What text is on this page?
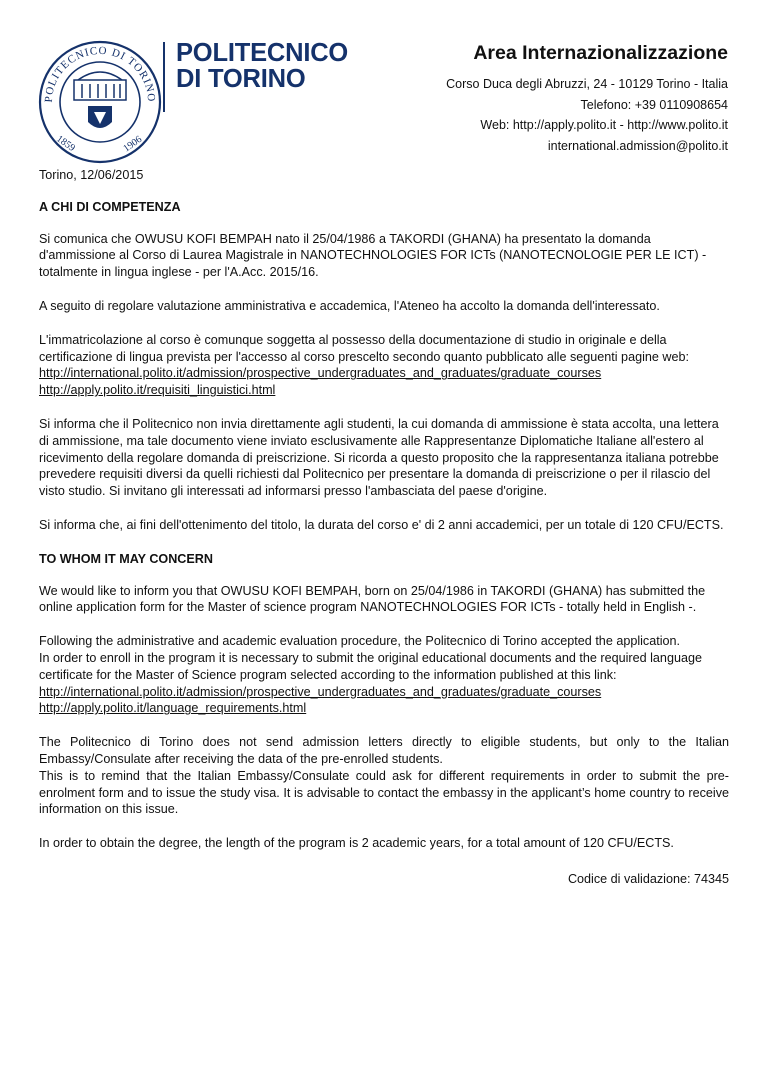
POLITECNICO DI TORINO
1859	1906
POLITECNICO
DI TORINO
Area Internazionalizzazione
Corso Duca degli Abruzzi, 24 - 10129 Torino - Italia
Telefono: +39 0110908654
Web: http://apply.polito.it - http://www.polito.it
international.admission@polito.it

Torino, 12/06/2015

A CHI DI COMPETENZA

Si comunica che OWUSU KOFI BEMPAH nato il 25/04/1986 a TAKORDI (GHANA) ha presentato la domanda d'ammissione al Corso di Laurea Magistrale in NANOTECHNOLOGIES FOR ICTs (NANOTECNOLOGIE PER LE ICT) - totalmente in lingua inglese - per l'A.Acc. 2015/16.

A seguito di regolare valutazione amministrativa e accademica, l'Ateneo ha accolto la domanda dell'interessato.

L'immatricolazione al corso è comunque soggetta al possesso della documentazione di studio in originale e della certificazione di lingua prevista per l'accesso al corso prescelto secondo quanto pubblicato alle seguenti pagine web:

http://international.polito.it/admission/prospective_undergraduates_and_graduates/graduate_courses
http://apply.polito.it/requisiti_linguistici.html

Si informa che il Politecnico non invia direttamente agli studenti, la cui domanda di ammissione è stata accolta, una lettera di ammissione, ma tale documento viene inviato esclusivamente alle Rappresentanze Diplomatiche Italiane all'estero al ricevimento della regolare domanda di preiscrizione. Si ricorda a questo proposito che la rappresentanza italiana potrebbe prevedere requisiti diversi da quelli richiesti dal Politecnico per presentare la domanda di preiscrizione o per il rilascio del visto studio. Si invitano gli interessati ad informarsi presso l'ambasciata del paese d'origine.

Si informa che, ai fini dell'ottenimento del titolo, la durata del corso e' di 2 anni accademici, per un totale di 120 CFU/ECTS.

TO WHOM IT MAY CONCERN

We would like to inform you that OWUSU KOFI BEMPAH, born on 25/04/1986 in TAKORDI (GHANA) has submitted the online application form for the Master of science program NANOTECHNOLOGIES FOR ICTs - totally held in English -.

Following the administrative and academic evaluation procedure, the Politecnico di Torino accepted the application.

In order to enroll in the program it is necessary to submit the original educational documents and the required language certificate for the Master of Science program selected according to the information published at this link:

http://international.polito.it/admission/prospective_undergraduates_and_graduates/graduate_courses
http://apply.polito.it/language_requirements.html

The Politecnico di Torino does not send admission letters directly to eligible students, but only to the Italian Embassy/Consulate after receiving the data of the pre-enrolled students.

This is to remind that the Italian Embassy/Consulate could ask for different requirements in order to submit the pre-enrolment form and to issue the study visa. It is advisable to contact the embassy in the applicant’s home country to receive information on this issue.

In order to obtain the degree, the length of the program is 2 academic years, for a total amount of 120 CFU/ECTS.

Codice di validazione: 74345
